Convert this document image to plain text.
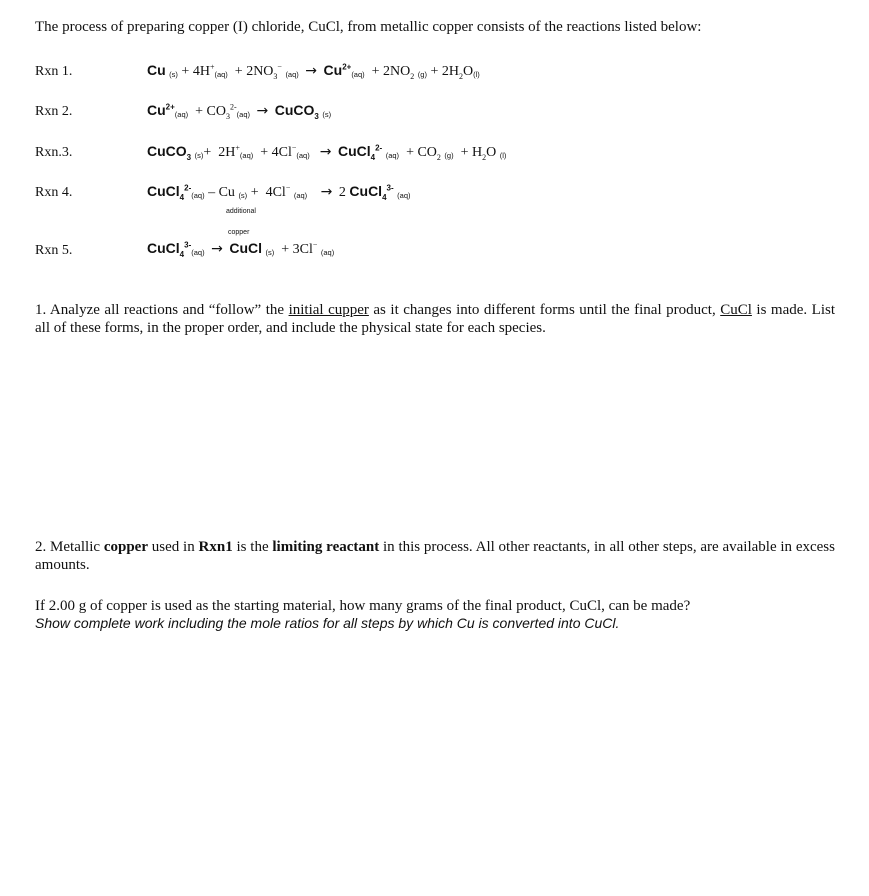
The process of preparing copper (I) chloride, CuCl, from metallic copper consists of the reactions listed below:
Rxn 1.	Cu $(s) + 4H^+(aq) + 2NO_3^-$ $(aq) \to Cu^{2+}(aq) + 2NO_2$ $(g) + 2H_2O(l)$
Rxn 2.	$Cu^{2+}(aq) + CO_3^{2-}(aq)$ → CuCO$_3$ (s)
Rxn.3.	CuCO$_3$ (s)+  2H+(aq)  + 4Cl−(aq) → CuCl$_4^{2-}$ $(aq) + CO_2$ $(g) + H_2O$ (l)
Rxn 4.	CuCl$_4^{2-}$(aq) – Cu (s) +  4Cl− (aq) → 2 CuCl$_4^{3-}$ (aq)
additional
copper
Rxn 5.	CuCl$_4^{3-}$(aq) → CuCl (s)  + 3Cl− (aq)
1. Analyze all reactions and “follow” the initial cupper as it changes into different forms until the final product, CuCl is made. List all of these forms, in the proper order, and include the physical state for each species.
2. Metallic copper used in Rxn1 is the limiting reactant in this process. All other reactants, in all other steps, are available in excess amounts.
If 2.00 g of copper is used as the starting material, how many grams of the final product, CuCl, can be made?
Show complete work including the mole ratios for all steps by which Cu is converted into CuCl.
